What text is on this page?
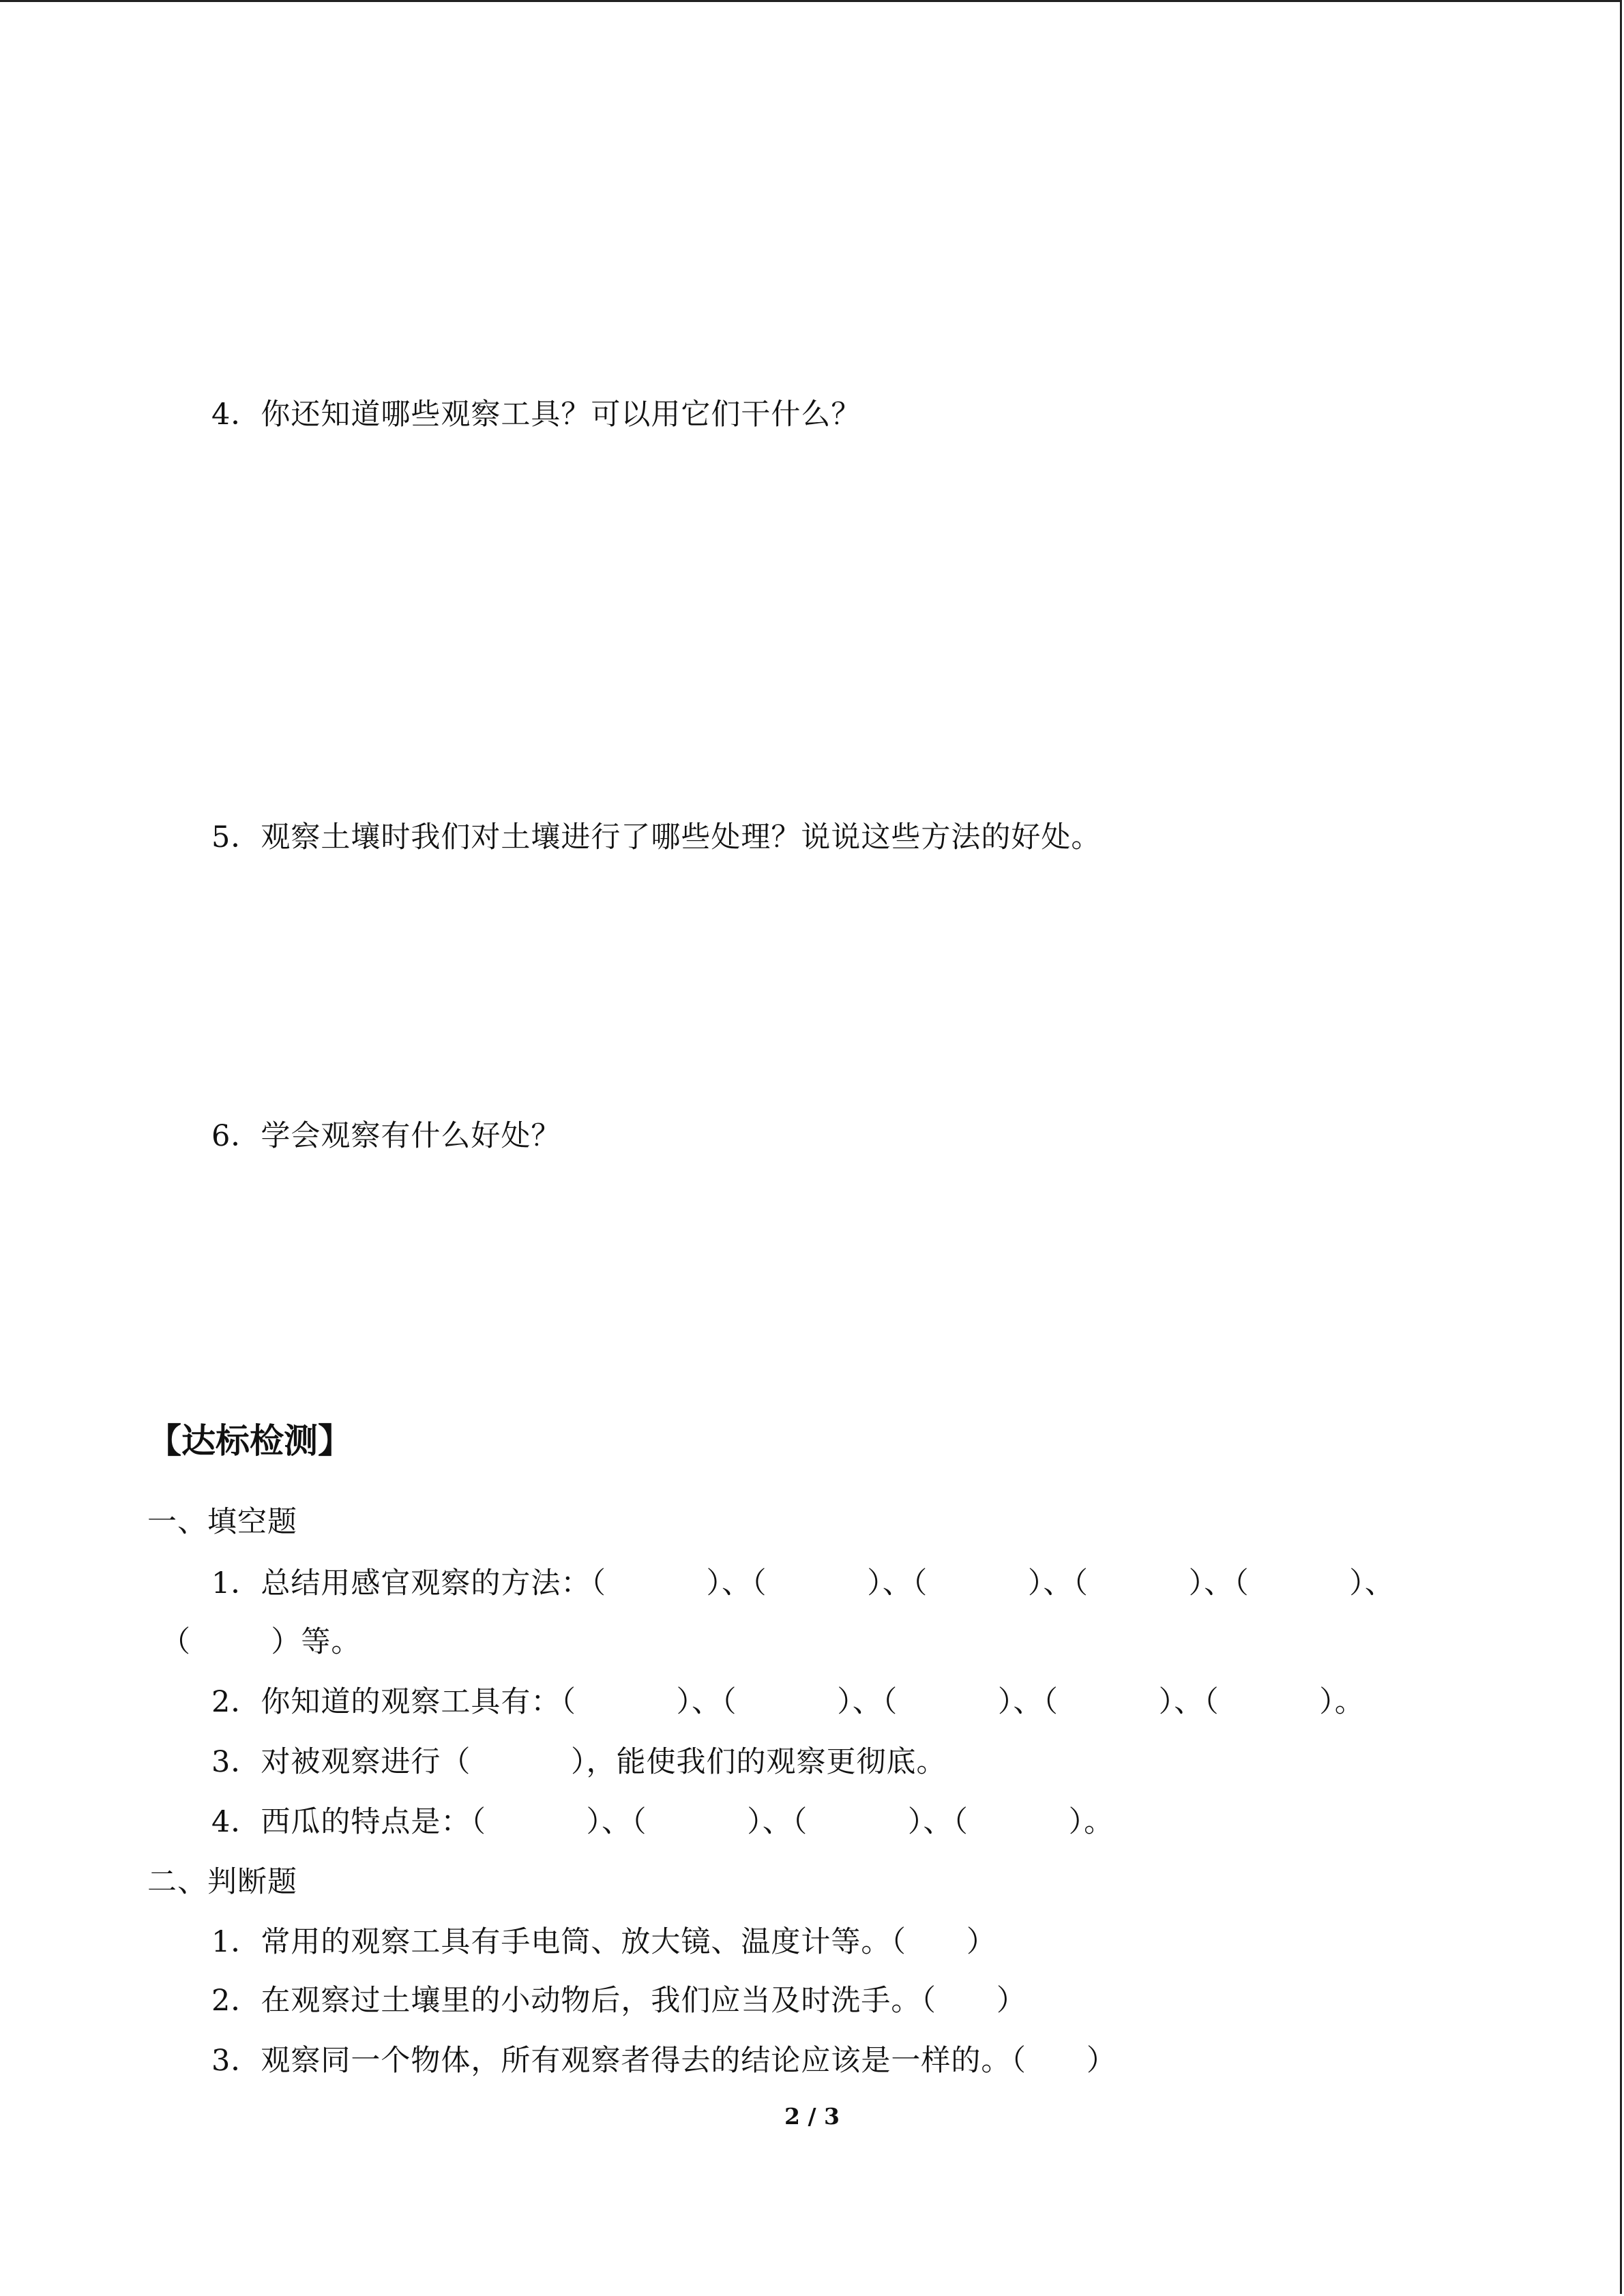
4．你还知道哪些观察工具？可以用它们干什么？
5．观察土壤时我们对土壤进行了哪些处理？说说这些方法的好处。
6．学会观察有什么好处？
【达标检测】
一、填空题
1．总结用感官观察的方法：（          ）、（          ）、（          ）、（          ）、（          ）、
（        ）等。
2．你知道的观察工具有：（          ）、（          ）、（          ）、（          ）、（          ）。
3．对被观察进行（          ），能使我们的观察更彻底。
4．西瓜的特点是：（          ）、（          ）、（          ）、（          ）。
二、判断题
1．常用的观察工具有手电筒、放大镜、温度计等。（      ）
2．在观察过土壤里的小动物后，我们应当及时洗手。（      ）
3．观察同一个物体，所有观察者得去的结论应该是一样的。（      ）
2 / 3
